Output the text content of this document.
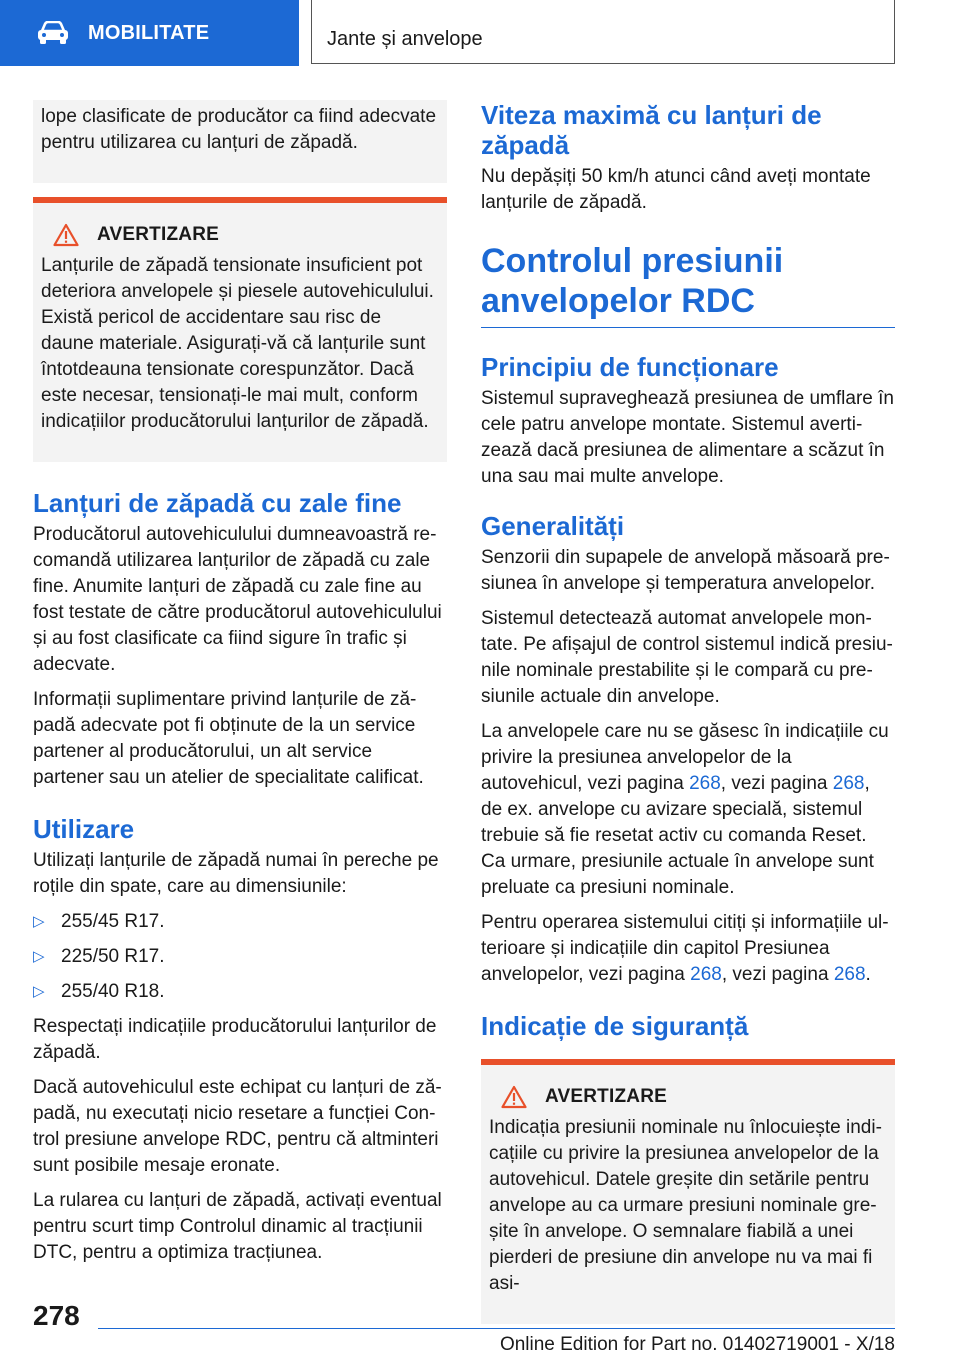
MOBILITATE	Jante și anvelope

lope clasificate de producător ca fiind adecvate pentru utilizarea cu lanțuri de zăpadă.

AVERTIZARE

Lanțurile de zăpadă tensionate insuficient pot deteriora anvelopele și piesele autovehiculului. Există pericol de accidentare sau risc de daune materiale. Asigurați-vă că lanțurile sunt întotdeauna tensionate corespunzător. Dacă este necesar, tensionați-le mai mult, conform indicațiilor producătorului lanțurilor de zăpadă.

Lanțuri de zăpadă cu zale fine

Producătorul autovehiculului dumneavoastră recomandă utilizarea lanțurilor de zăpadă cu zale fine. Anumite lanțuri de zăpadă cu zale fine au fost testate de către producătorul autovehiculului și au fost clasificate ca fiind sigure în trafic și adecvate.

Informații suplimentare privind lanțurile de zăpadă adecvate pot fi obținute de la un service partener al producătorului, un alt service partener sau un atelier de specialitate calificat.

Utilizare

Utilizați lanțurile de zăpadă numai în pereche pe roțile din spate, care au dimensiunile:

▷ 255/45 R17.
▷ 225/50 R17.
▷ 255/40 R18.

Respectați indicațiile producătorului lanțurilor de zăpadă.

Dacă autovehiculul este echipat cu lanțuri de zăpadă, nu executați nicio resetare a funcției Control presiune anvelope RDC, pentru că altminteri sunt posibile mesaje eronate.

La rularea cu lanțuri de zăpadă, activați eventual pentru scurt timp Controlul dinamic al tracțiunii DTC, pentru a optimiza tracțiunea.

Viteza maximă cu lanțuri de zăpadă

Nu depășiți 50 km/h atunci când aveți montate lanțurile de zăpadă.

Controlul presiunii anvelopelor RDC
Principiu de funcționare

Sistemul supraveghează presiunea de umflare în cele patru anvelope montate. Sistemul avertizează dacă presiunea de alimentare a scăzut în una sau mai multe anvelope.

Generalități

Senzorii din supapele de anvelopă măsoară presiunea în anvelope și temperatura anvelopelor.

Sistemul detectează automat anvelopele montate. Pe afișajul de control sistemul indică presiunile nominale prestabilite și le compară cu presiunile actuale din anvelope.

La anvelopele care nu se găsesc în indicațiile cu privire la presiunea anvelopelor de la autovehicul, vezi pagina 268, vezi pagina 268, de ex. anvelope cu avizare specială, sistemul trebuie să fie resetat activ cu comanda Reset. Ca urmare, presiunile actuale în anvelope sunt preluate ca presiuni nominale.

Pentru operarea sistemului citiți și informațiile ulterioare și indicațiile din capitol Presiunea anvelopelor, vezi pagina 268, vezi pagina 268.

Indicație de siguranță
AVERTIZARE

Indicația presiunii nominale nu înlocuiește indicațiile cu privire la presiunea anvelopelor de la autovehicul. Datele greșite din setările pentru anvelope au ca urmare presiuni nominale greșite în anvelope. O semnalare fiabilă a unei pierderi de presiune din anvelope nu va mai fi asi-

278
Online Edition for Part no. 01402719001 - X/18
